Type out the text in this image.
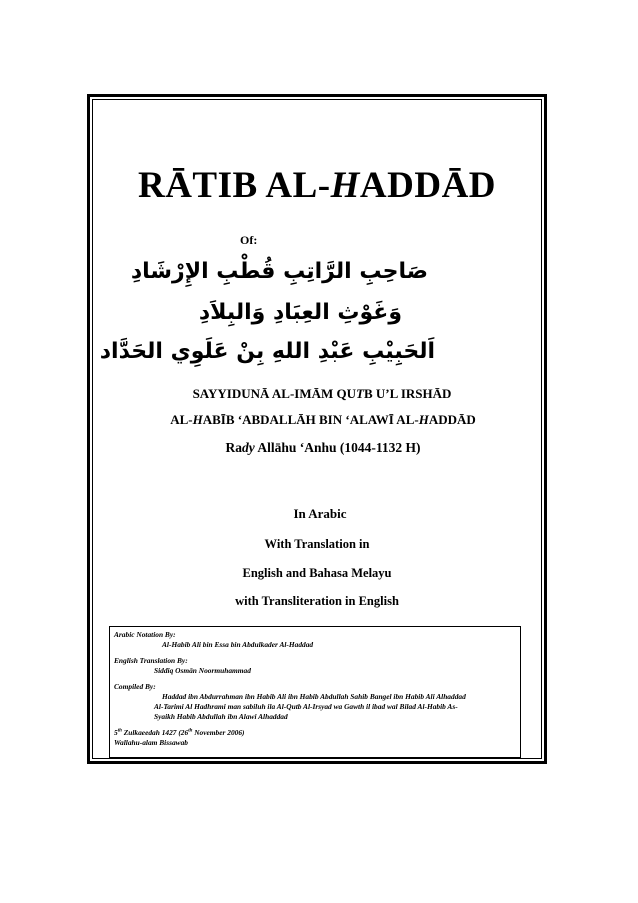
RĀTIB AL-HADDĀD
Of:
صَاحِبِ الرَّاتِبِ قُطْبِ الإِرْشَادِ
وَغَوْثِ العِبَادِ وَالبِلاَدِ
اَلحَبِيْبِ عَبْدِ اللهِ بِنْ عَلَوِي الحَدَّاد
SAYYIDUNĀ AL-IMĀM QUTB U’L IRSHĀD
AL-HABĪB ‘ABDALLĀH BIN ‘ALAWĪ AL-HADDĀD
Rady Allāhu ‘Anhu (1044-1132 H)
In Arabic
With Translation in
English and Bahasa Melayu
with Transliteration in English
Arabic Notation By:
Al-Habib Ali bin Essa bin Abdulkader Al-Haddad
English Translation By:
Siddīq Osmān Noormuhammad
Compiled By:
Haddad ibn Abdurrahman ibn Habib Ali ibn Habib Abdullah Sahib Bangel ibn Habib Ali Alhaddad
Al-Tarimi Al Hadhrami man sabiluh ila Al-Qutb Al-Irsyad wa Gawth il ibad wal Bilad Al-Habib As-
Syaikh Habib Abdullah ibn Alawi Alhaddad
5th Zulkaeedah 1427 (26th November 2006)
Wallahu-alam Bissawab
